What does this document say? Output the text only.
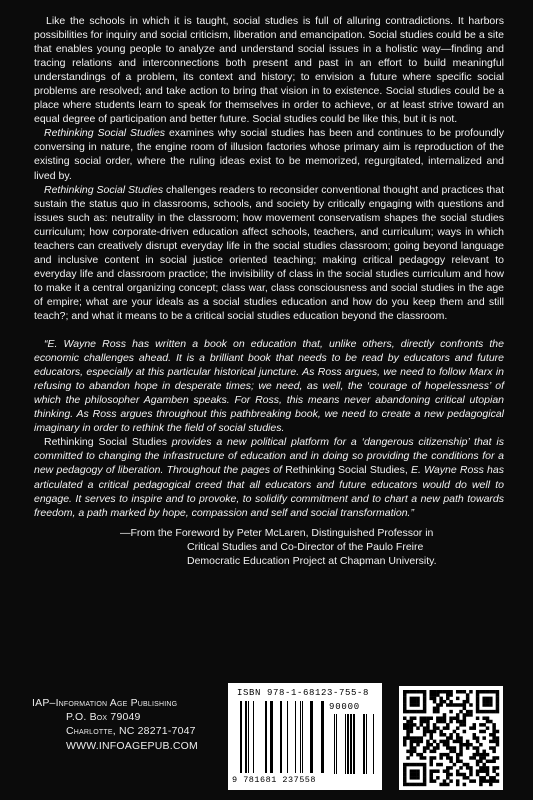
Like the schools in which it is taught, social studies is full of alluring contradictions. It harbors possibilities for inquiry and social criticism, liberation and emancipation. Social studies could be a site that enables young people to analyze and understand social issues in a holistic way—finding and tracing relations and interconnections both present and past in an effort to build meaningful understandings of a problem, its context and history; to envision a future where specific social problems are resolved; and take action to bring that vision in to existence. Social studies could be a place where students learn to speak for themselves in order to achieve, or at least strive toward an equal degree of participation and better future. Social studies could be like this, but it is not.

Rethinking Social Studies examines why social studies has been and continues to be profoundly conversing in nature, the engine room of illusion factories whose primary aim is reproduction of the existing social order, where the ruling ideas exist to be memorized, regurgitated, internalized and lived by.

Rethinking Social Studies challenges readers to reconsider conventional thought and practices that sustain the status quo in classrooms, schools, and society by critically engaging with questions and issues such as: neutrality in the classroom; how movement conservatism shapes the social studies curriculum; how corporate-driven education affect schools, teachers, and curriculum; ways in which teachers can creatively disrupt everyday life in the social studies classroom; going beyond language and inclusive content in social justice oriented teaching; making critical pedagogy relevant to everyday life and classroom practice; the invisibility of class in the social studies curriculum and how to make it a central organizing concept; class war, class consciousness and social studies in the age of empire; what are your ideals as a social studies education and how do you keep them and still teach?; and what it means to be a critical social studies education beyond the classroom.

“E. Wayne Ross has written a book on education that, unlike others, directly confronts the economic challenges ahead. It is a brilliant book that needs to be read by educators and future educators, especially at this particular historical juncture. As Ross argues, we need to follow Marx in refusing to abandon hope in desperate times; we need, as well, the ‘courage of hopelessness’ of which the philosopher Agamben speaks. For Ross, this means never abandoning critical utopian thinking. As Ross argues throughout this pathbreaking book, we need to create a new pedagogical imaginary in order to rethink the field of social studies.

Rethinking Social Studies provides a new political platform for a ‘dangerous citizenship’ that is committed to changing the infrastructure of education and in doing so providing the conditions for a new pedagogy of liberation. Throughout the pages of Rethinking Social Studies, E. Wayne Ross has articulated a critical pedagogical creed that all educators and future educators would do well to engage. It serves to inspire and to provoke, to solidify commitment and to chart a new path towards freedom, a path marked by hope, compassion and self and social transformation.”

—From the Foreword by Peter McLaren, Distinguished Professor in
Critical Studies and Co-Director of the Paulo Freire
Democratic Education Project at Chapman University.
IAP–Information Age Publishing
P.O. Box 79049
Charlotte, NC 28271-7047
WWW.INFOAGEPUB.COM
ISBN 978-1-68123-755-8
90000
9 781681 237558
